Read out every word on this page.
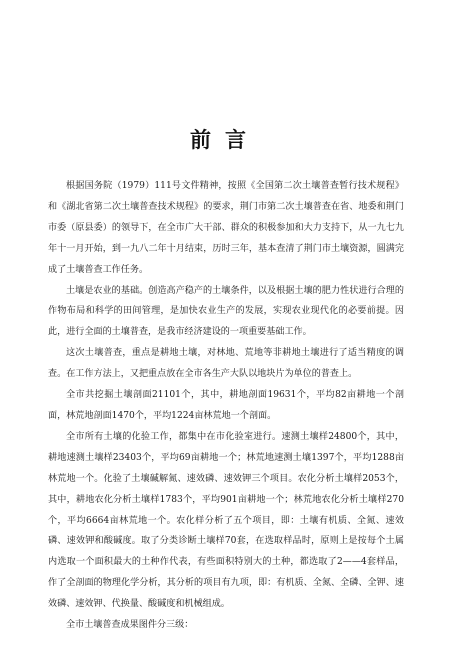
前言

根据国务院（1979）111号文件精神，按照《全国第二次土壤普查暂行技术规程》和《湖北省第二次土壤普查技术规程》的要求，荆门市第二次土壤普查在省、地委和荆门市委（原县委）的领导下，在全市广大干部、群众的积极参加和大力支持下，从一九七九年十一月开始，到一九八二年十月结束，历时三年，基本查清了荆门市土壤资源，圆满完成了土壤普查工作任务。

土壤是农业的基础。创造高产稳产的土壤条件，以及根据土壤的肥力性状进行合理的作物布局和科学的田间管理，是加快农业生产的发展，实现农业现代化的必要前提。因此，进行全面的土壤普查，是我市经济建设的一项重要基础工作。

这次土壤普查，重点是耕地土壤，对林地、荒地等非耕地土壤进行了适当精度的调查。在工作方法上，又把重点放在全市各生产大队以地块片为单位的普查上。

全市共挖掘土壤剖面21101个，其中，耕地剖面19631个，平均82亩耕地一个剖面，林荒地剖面1470个，平均1224亩林荒地一个剖面。

全市所有土壤的化验工作，都集中在市化验室进行。速测土壤样24800个，其中，耕地速测土壤样23403个，平均69亩耕地一个；林荒地速测土壤1397个，平均1288亩林荒地一个。化验了土壤碱解氮、速效磷、速效钾三个项目。农化分析土壤样2053个，其中，耕地农化分析土壤样1783个，平均901亩耕地一个；林荒地农化分析土壤样270个，平均6664亩林荒地一个。农化样分析了五个项目，即：土壤有机质、全氮、速效磷、速效钾和酸碱度。取了分类诊断土壤样70套，在选取样品时，原则上是按每个土属内选取一个面积最大的土种作代表，有些面积特别大的土种，都选取了2——4套样品，作了全剖面的物理化学分析，其分析的项目有九项，即：有机质、全氮、全磷、全钾、速效磷、速效钾、代换量、酸碱度和机械组成。

全市土壤普查成果图件分三级：
